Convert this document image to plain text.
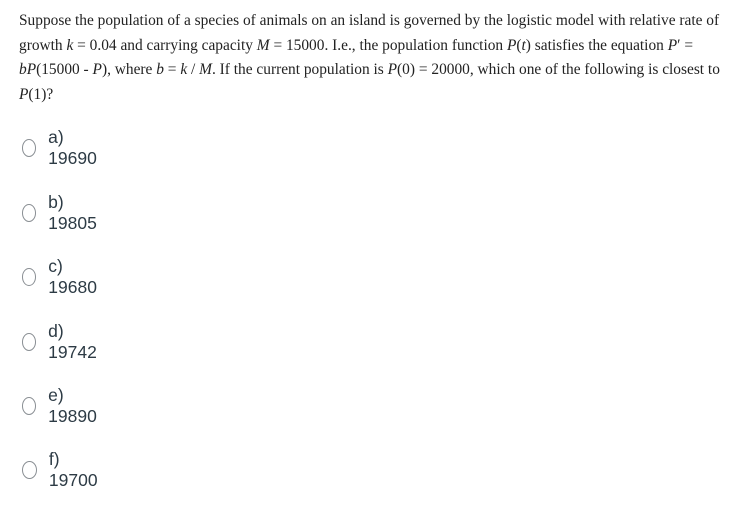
Suppose the population of a species of animals on an island is governed by the logistic model with relative rate of growth k = 0.04 and carrying capacity M = 15000. I.e., the population function P(t) satisfies the equation P′ = bP(15000 - P), where b = k / M. If the current population is P(0) = 20000, which one of the following is closest to P(1)?
a) 19690
b) 19805
c) 19680
d) 19742
e) 19890
f) 19700
